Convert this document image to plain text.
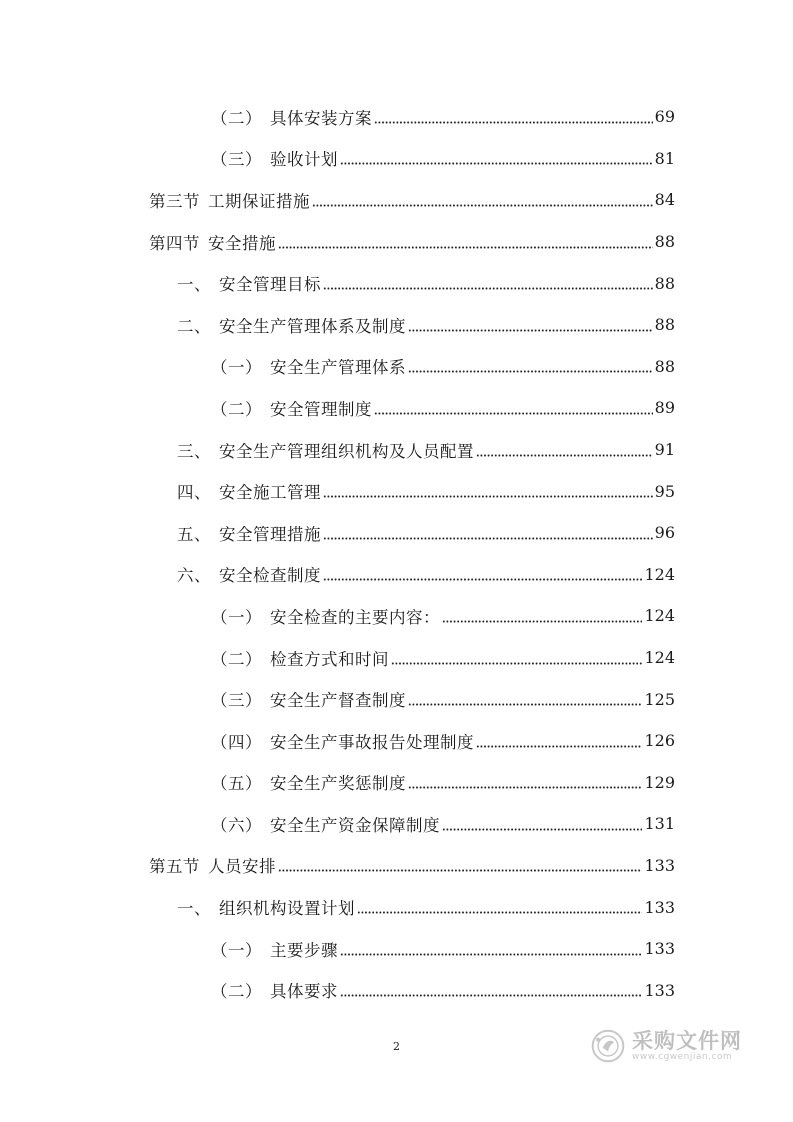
（二） 具体安装方案	69
（三） 验收计划	81
第三节 工期保证措施	84
第四节 安全措施	88
一、 安全管理目标	88
二、 安全生产管理体系及制度	88
（一） 安全生产管理体系	88
（二） 安全管理制度	89
三、 安全生产管理组织机构及人员配置	91
四、 安全施工管理	95
五、 安全管理措施	96
六、 安全检查制度	124
（一） 安全检查的主要内容：	124
（二） 检查方式和时间	124
（三） 安全生产督查制度	125
（四） 安全生产事故报告处理制度	126
（五） 安全生产奖惩制度	129
（六） 安全生产资金保障制度	131
第五节 人员安排	133
一、 组织机构设置计划	133
（一） 主要步骤	133
（二） 具体要求	133
2	采购文件网
www.cgwenjian.com
